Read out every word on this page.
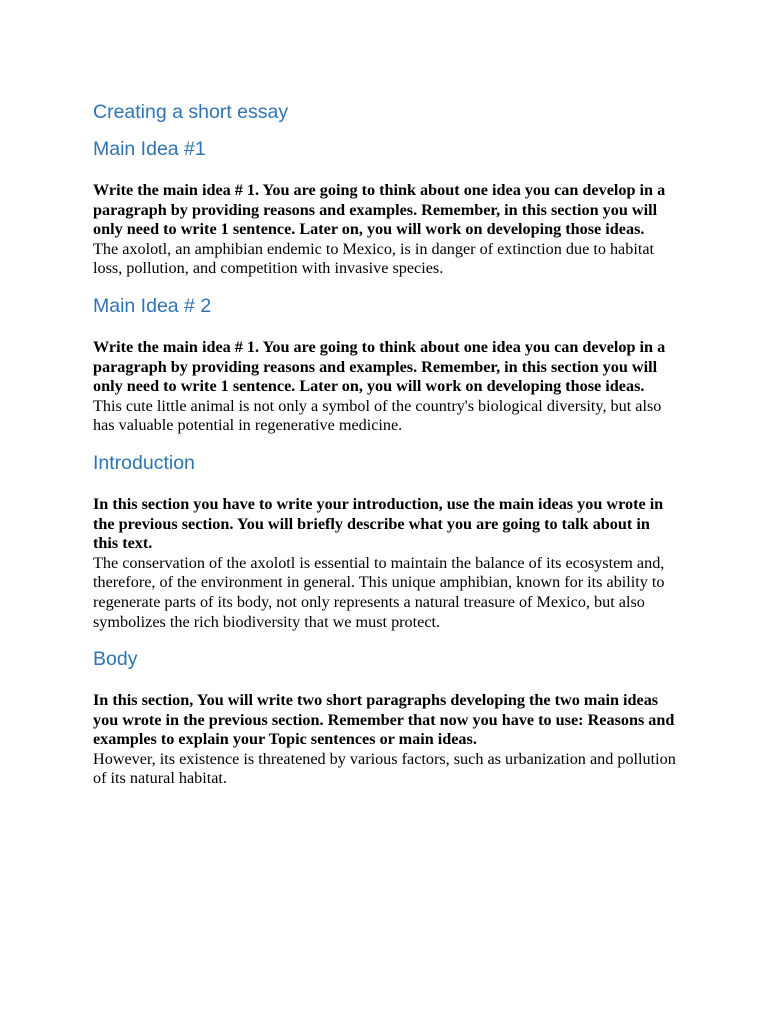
Creating a short essay
Main Idea #1

Write the main idea # 1. You are going to think about one idea you can develop in a paragraph by providing reasons and examples. Remember, in this section you will only need to write 1 sentence. Later on, you will work on developing those ideas.

The axolotl, an amphibian endemic to Mexico, is in danger of extinction due to habitat loss, pollution, and competition with invasive species.

Main Idea # 2

Write the main idea # 1. You are going to think about one idea you can develop in a paragraph by providing reasons and examples. Remember, in this section you will only need to write 1 sentence. Later on, you will work on developing those ideas.

This cute little animal is not only a symbol of the country's biological diversity, but also has valuable potential in regenerative medicine.

Introduction

In this section you have to write your introduction, use the main ideas you wrote in the previous section. You will briefly describe what you are going to talk about in this text.

The conservation of the axolotl is essential to maintain the balance of its ecosystem and, therefore, of the environment in general. This unique amphibian, known for its ability to regenerate parts of its body, not only represents a natural treasure of Mexico, but also symbolizes the rich biodiversity that we must protect.

Body

In this section, You will write two short paragraphs developing the two main ideas you wrote in the previous section. Remember that now you have to use: Reasons and examples to explain your Topic sentences or main ideas.

However, its existence is threatened by various factors, such as urbanization and pollution of its natural habitat.
